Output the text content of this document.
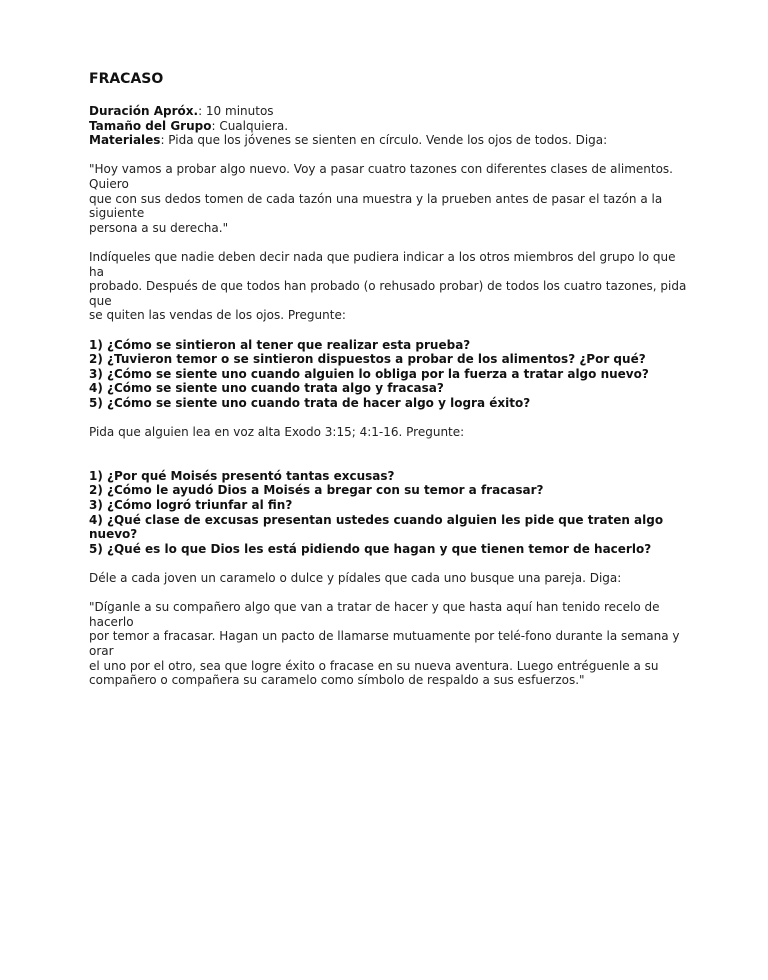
FRACASO
Duración Apróx.: 10 minutos
Tamaño del Grupo: Cualquiera.
Materiales: Pida que los jóvenes se sienten en círculo. Vende los ojos de todos. Diga:
"Hoy vamos a probar algo nuevo. Voy a pasar cuatro tazones con diferentes clases de alimentos. Quiero
que con sus dedos tomen de cada tazón una muestra y la prueben antes de pasar el tazón a la siguiente
persona a su derecha."
Indíqueles que nadie deben decir nada que pudiera indicar a los otros miembros del grupo lo que ha
probado. Después de que todos han probado (o rehusado probar) de todos los cuatro tazones, pida que
se quiten las vendas de los ojos. Pregunte:
1) ¿Cómo se sintieron al tener que realizar esta prueba?
2) ¿Tuvieron temor o se sintieron dispuestos a probar de los alimentos? ¿Por qué?
3) ¿Cómo se siente uno cuando alguien lo obliga por la fuerza a tratar algo nuevo?
4) ¿Cómo se siente uno cuando trata algo y fracasa?
5) ¿Cómo se siente uno cuando trata de hacer algo y logra éxito?
Pida que alguien lea en voz alta Exodo 3:15; 4:1-16. Pregunte:
1) ¿Por qué Moisés presentó tantas excusas?
2) ¿Cómo le ayudó Dios a Moisés a bregar con su temor a fracasar?
3) ¿Cómo logró triunfar al fin?
4) ¿Qué clase de excusas presentan ustedes cuando alguien les pide que traten algo nuevo?
5) ¿Qué es lo que Dios les está pidiendo que hagan y que tienen temor de hacerlo?
Déle a cada joven un caramelo o dulce y pídales que cada uno busque una pareja. Diga:
"Díganle a su compañero algo que van a tratar de hacer y que hasta aquí han tenido recelo de hacerlo
por temor a fracasar. Hagan un pacto de llamarse mutuamente por telé-fono durante la semana y orar
el uno por el otro, sea que logre éxito o fracase en su nueva aventura. Luego entréguenle a su
compañero o compañera su caramelo como símbolo de respaldo a sus esfuerzos."
